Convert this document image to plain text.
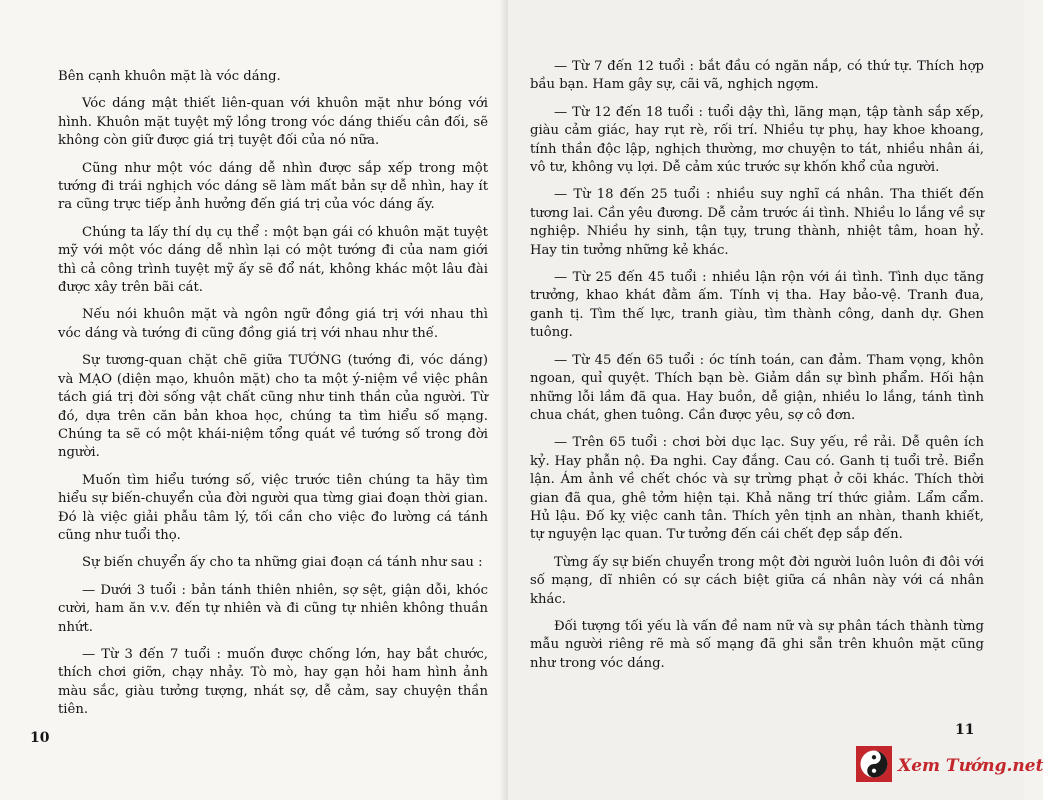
Bên cạnh khuôn mặt là vóc dáng.

Vóc dáng mật thiết liên-quan với khuôn mặt như bóng với hình. Khuôn mặt tuyệt mỹ lồng trong vóc dáng thiếu cân đối, sẽ không còn giữ được giá trị tuyệt đối của nó nữa.

Cũng như một vóc dáng dễ nhìn được sắp xếp trong một tướng đi trái nghịch vóc dáng sẽ làm mất bản sự dễ nhìn, hay ít ra cũng trực tiếp ảnh hưởng đến giá trị của vóc dáng ấy.

Chúng ta lấy thí dụ cụ thể : một bạn gái có khuôn mặt tuyệt mỹ với một vóc dáng dễ nhìn lại có một tướng đi của nam giới thì cả công trình tuyệt mỹ ấy sẽ đổ nát, không khác một lâu đài được xây trên bãi cát.

Nếu nói khuôn mặt và ngôn ngữ đồng giá trị với nhau thì vóc dáng và tướng đi cũng đồng giá trị với nhau như thế.

Sự tương-quan chặt chẽ giữa TƯỚNG (tướng đi, vóc dáng) và MẠO (diện mạo, khuôn mặt) cho ta một ý-niệm về việc phân tách giá trị đời sống vật chất cũng như tinh thần của người. Từ đó, dựa trên căn bản khoa học, chúng ta tìm hiểu số mạng. Chúng ta sẽ có một khái-niệm tổng quát về tướng số trong đời người.

Muốn tìm hiểu tướng số, việc trước tiên chúng ta hãy tìm hiểu sự biến-chuyển của đời người qua từng giai đoạn thời gian. Đó là việc giải phẫu tâm lý, tối cần cho việc đo lường cá tánh cũng như tuổi thọ.

Sự biến chuyển ấy cho ta những giai đoạn cá tánh như sau :

— Dưới 3 tuổi : bản tánh thiên nhiên, sợ sệt, giận dỗi, khóc cười, ham ăn v.v. đến tự nhiên và đi cũng tự nhiên không thuần nhứt.

— Từ 3 đến 7 tuổi : muốn được chống lớn, hay bắt chước, thích chơi giỡn, chạy nhảy. Tò mò, hay gạn hỏi ham hình ảnh màu sắc, giàu tưởng tượng, nhát sợ, dễ cảm, say chuyện thần tiên.

— Từ 7 đến 12 tuổi : bắt đầu có ngăn nắp, có thứ tự. Thích hợp bầu bạn. Ham gây sự, cãi vã, nghịch ngợm.

— Từ 12 đến 18 tuổi : tuổi dậy thì, lãng mạn, tập tành sắp xếp, giàu cảm giác, hay rụt rè, rối trí. Nhiều tự phụ, hay khoe khoang, tính thần độc lập, nghịch thường, mơ chuyện to tát, nhiều nhân ái, vô tư, không vụ lợi. Dễ cảm xúc trước sự khốn khổ của người.

— Từ 18 đến 25 tuổi : nhiều suy nghĩ cá nhân. Tha thiết đến tương lai. Cần yêu đương. Dễ cảm trước ái tình. Nhiều lo lắng về sự nghiệp. Nhiều hy sinh, tận tụy, trung thành, nhiệt tâm, hoan hỷ. Hay tin tưởng những kẻ khác.

— Từ 25 đến 45 tuổi : nhiều lận rộn với ái tình. Tình dục tăng trưởng, khao khát đằm ấm. Tính vị tha. Hay bảo-vệ. Tranh đua, ganh tị. Tìm thế lực, tranh giàu, tìm thành công, danh dự. Ghen tuông.

— Từ 45 đến 65 tuổi : óc tính toán, can đảm. Tham vọng, khôn ngoan, quỉ quyệt. Thích bạn bè. Giảm dần sự bình phẩm. Hối hận những lỗi lầm đã qua. Hay buồn, dễ giận, nhiều lo lắng, tánh tình chua chát, ghen tuông. Cần được yêu, sợ cô đơn.

— Trên 65 tuổi : chơi bời dục lạc. Suy yếu, rề rải. Dễ quên ích kỷ. Hay phẫn nộ. Đa nghi. Cay đắng. Cau có. Ganh tị tuổi trẻ. Biển lận. Ám ảnh về chết chóc và sự trừng phạt ở cõi khác. Thích thời gian đã qua, ghê tởm hiện tại. Khả năng trí thức giảm. Lẩm cẩm. Hủ lậu. Đố kỵ việc canh tân. Thích yên tịnh an nhàn, thanh khiết, tự nguyện lạc quan. Tư tưởng đến cái chết đẹp sắp đến.

Từng ấy sự biến chuyển trong một đời người luôn luôn đi đôi với số mạng, dĩ nhiên có sự cách biệt giữa cá nhân này với cá nhân khác.

Đối tượng tối yếu là vấn đề nam nữ và sự phân tách thành từng mẫu người riêng rẽ mà số mạng đã ghi sẵn trên khuôn mặt cũng như trong vóc dáng.

10	11
Xem Tướng.net
